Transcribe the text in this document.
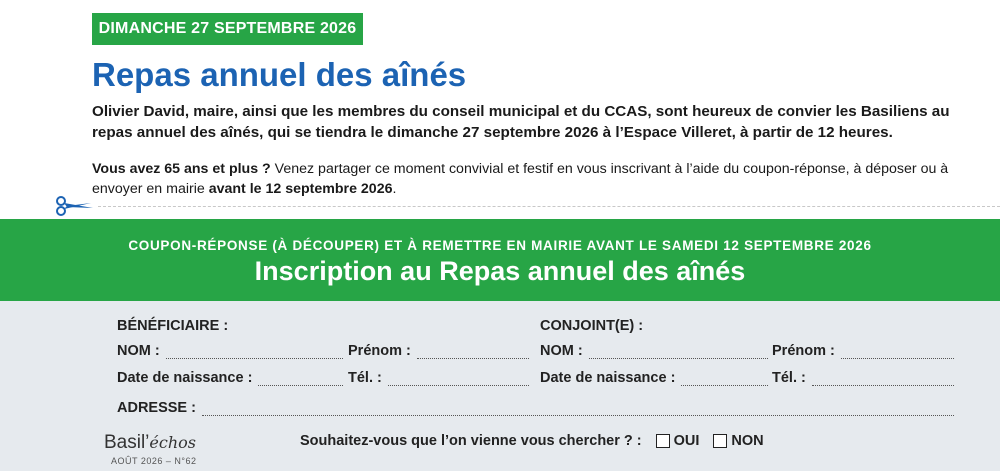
DIMANCHE 27 SEPTEMBRE 2026
Repas annuel des aînés

Olivier David, maire, ainsi que les membres du conseil municipal et du CCAS, sont heureux de convier les Basiliens au repas annuel des aînés, qui se tiendra le dimanche 27 septembre 2026 à l’Espace Villeret, à partir de 12 heures.

Vous avez 65 ans et plus ? Venez partager ce moment convivial et festif en vous inscrivant à l’aide du coupon-réponse, à déposer ou à envoyer en mairie avant le 12 septembre 2026.

COUPON-RÉPONSE (À DÉCOUPER) ET À REMETTRE EN MAIRIE AVANT LE SAMEDI 12 SEPTEMBRE 2026
Inscription au Repas annuel des aînés
BÉNÉFICIAIRE :	CONJOINT(E) :
NOM :	Prénom :	NOM :	Prénom :
Date de naissance :	Tél. :	Date de naissance :	Tél. :
ADRESSE :
Basil’échos
AOÛT 2026 – N°62
Souhaitez-vous que l’on vienne vous chercher ? : OUI NON
